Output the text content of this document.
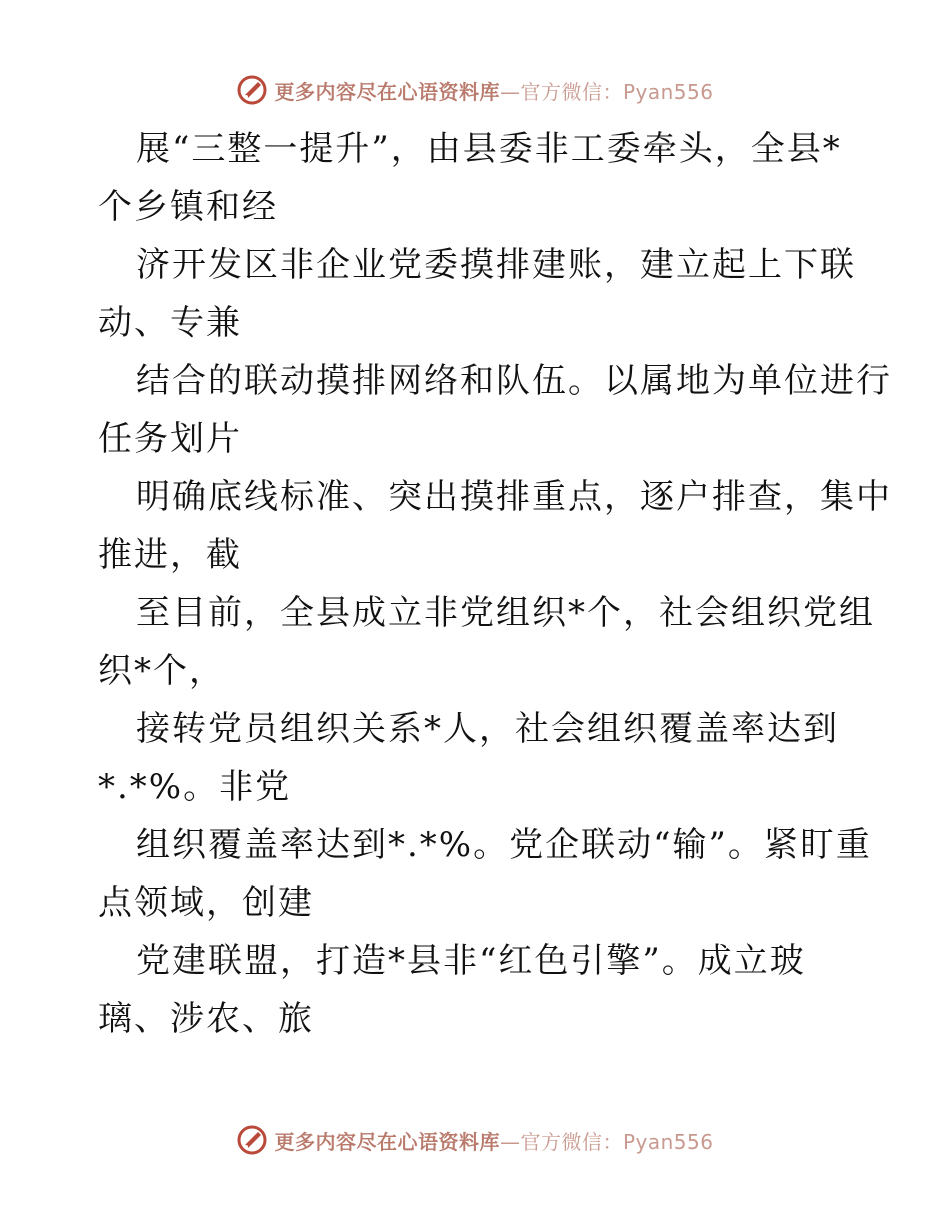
更多内容尽在心语资料库—官方微信：Pyan556
展“三整一提升”，由县委非工委牵头，全县*
个乡镇和经
济开发区非企业党委摸排建账，建立起上下联
动、专兼
结合的联动摸排网络和队伍。以属地为单位进行
任务划片
明确底线标准、突出摸排重点，逐户排查，集中
推进，截
至目前，全县成立非党组织*个，社会组织党组
织*个，
接转党员组织关系*人，社会组织覆盖率达到
*.*%。非党
组织覆盖率达到*.*%。党企联动“输”。紧盯重
点领域，创建
党建联盟，打造*县非“红色引擎”。成立玻
璃、涉农、旅
更多内容尽在心语资料库—官方微信：Pyan556
